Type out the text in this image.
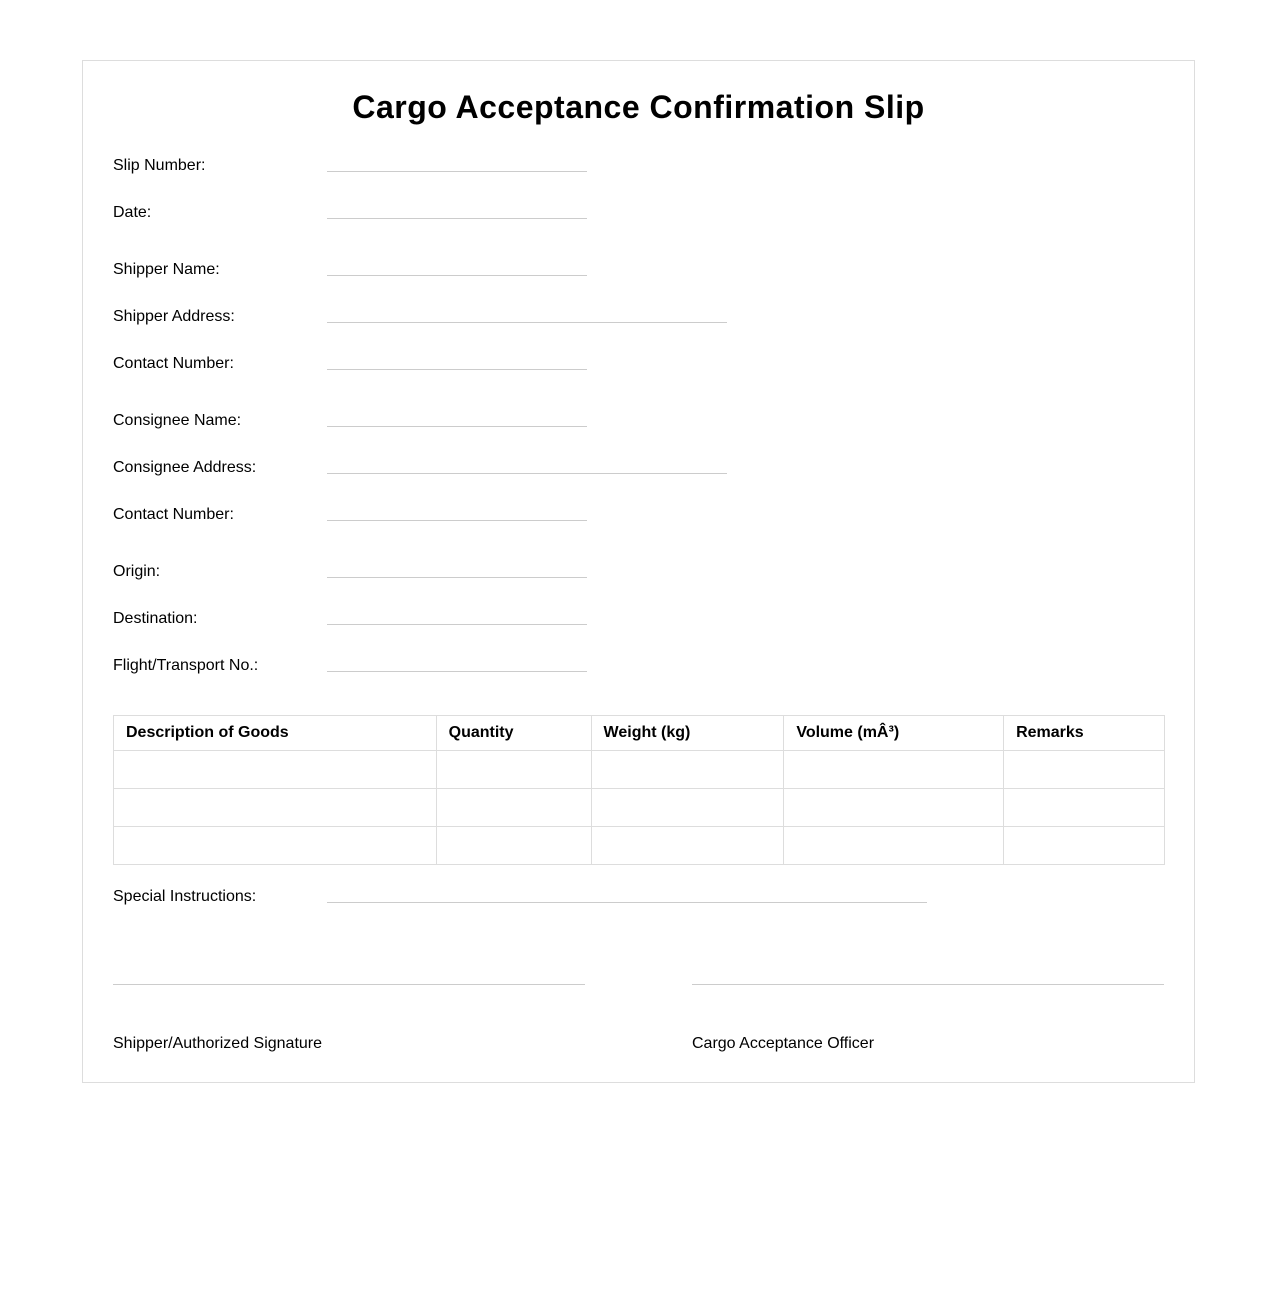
Cargo Acceptance Confirmation Slip
Slip Number:
Date:
Shipper Name:
Shipper Address:
Contact Number:
Consignee Name:
Consignee Address:
Contact Number:
Origin:
Destination:
Flight/Transport No.:
Description of Goods	Quantity	Weight (kg)	Volume (mÂ³)	Remarks

Special Instructions:
Shipper/Authorized Signature	Cargo Acceptance Officer
